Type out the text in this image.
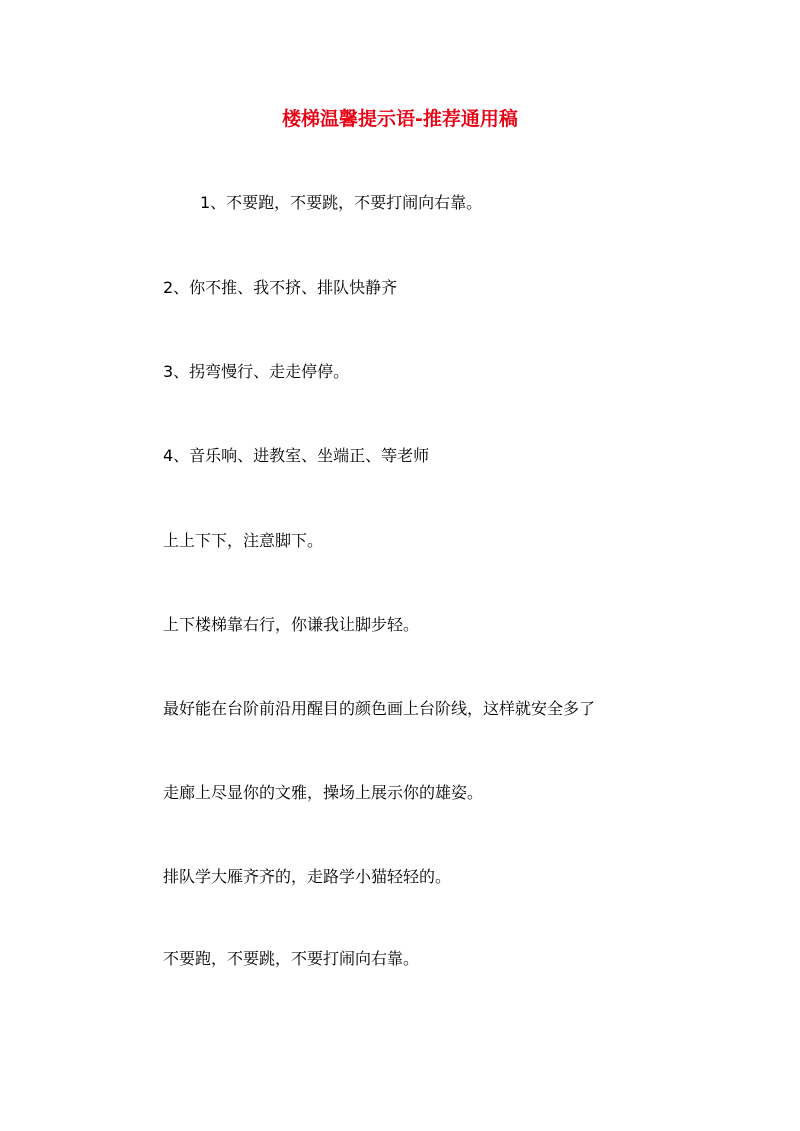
楼梯温馨提示语-推荐通用稿
1、不要跑，不要跳，不要打闹向右靠。
2、你不推、我不挤、排队快静齐
3、拐弯慢行、走走停停。
4、音乐响、进教室、坐端正、等老师
上上下下，注意脚下。
上下楼梯靠右行，你谦我让脚步轻。
最好能在台阶前沿用醒目的颜色画上台阶线，这样就安全多了
走廊上尽显你的文雅，操场上展示你的雄姿。
排队学大雁齐齐的，走路学小猫轻轻的。
不要跑，不要跳，不要打闹向右靠。
